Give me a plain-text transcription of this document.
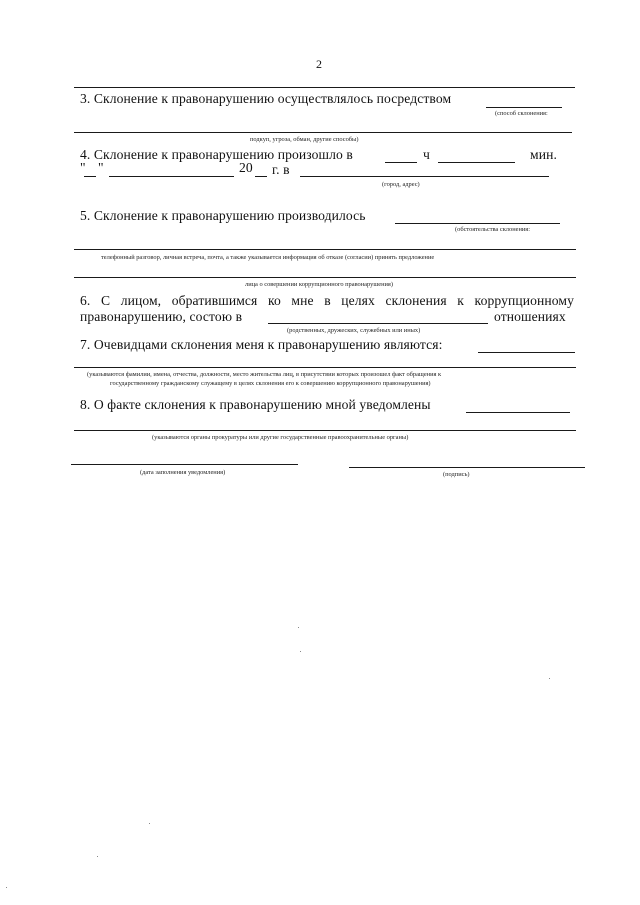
2
3. Склонение к правонарушению осуществлялось посредством
(способ склонения:
подкуп, угроза, обман, другие способы)
4. Склонение к правонарушению произошло в	ч	мин.
" "	20 г. в
(город, адрес)
5. Склонение к правонарушению производилось
(обстоятельства склонения:
телефонный разговор, личная встреча, почта, а также указывается информация об отказе (согласии) принять предложение
лица о совершении коррупционного правонарушения)
6. С лицом, обратившимся ко мне в целях склонения к коррупционному
правонарушению, состою в	отношениях
(родственных, дружеских, служебных или иных)
7. Очевидцами склонения меня к правонарушению являются:
(указываются фамилии, имена, отчества, должности, место жительства лиц, в присутствии которых произошел факт обращения к
государственному гражданскому служащему в целях склонения его к совершению коррупционного правонарушения)
8. О факте склонения к правонарушению мной уведомлены
(указываются органы прокуратуры или другие государственные правоохранительные органы)
(дата заполнения уведомления)	(подпись)
